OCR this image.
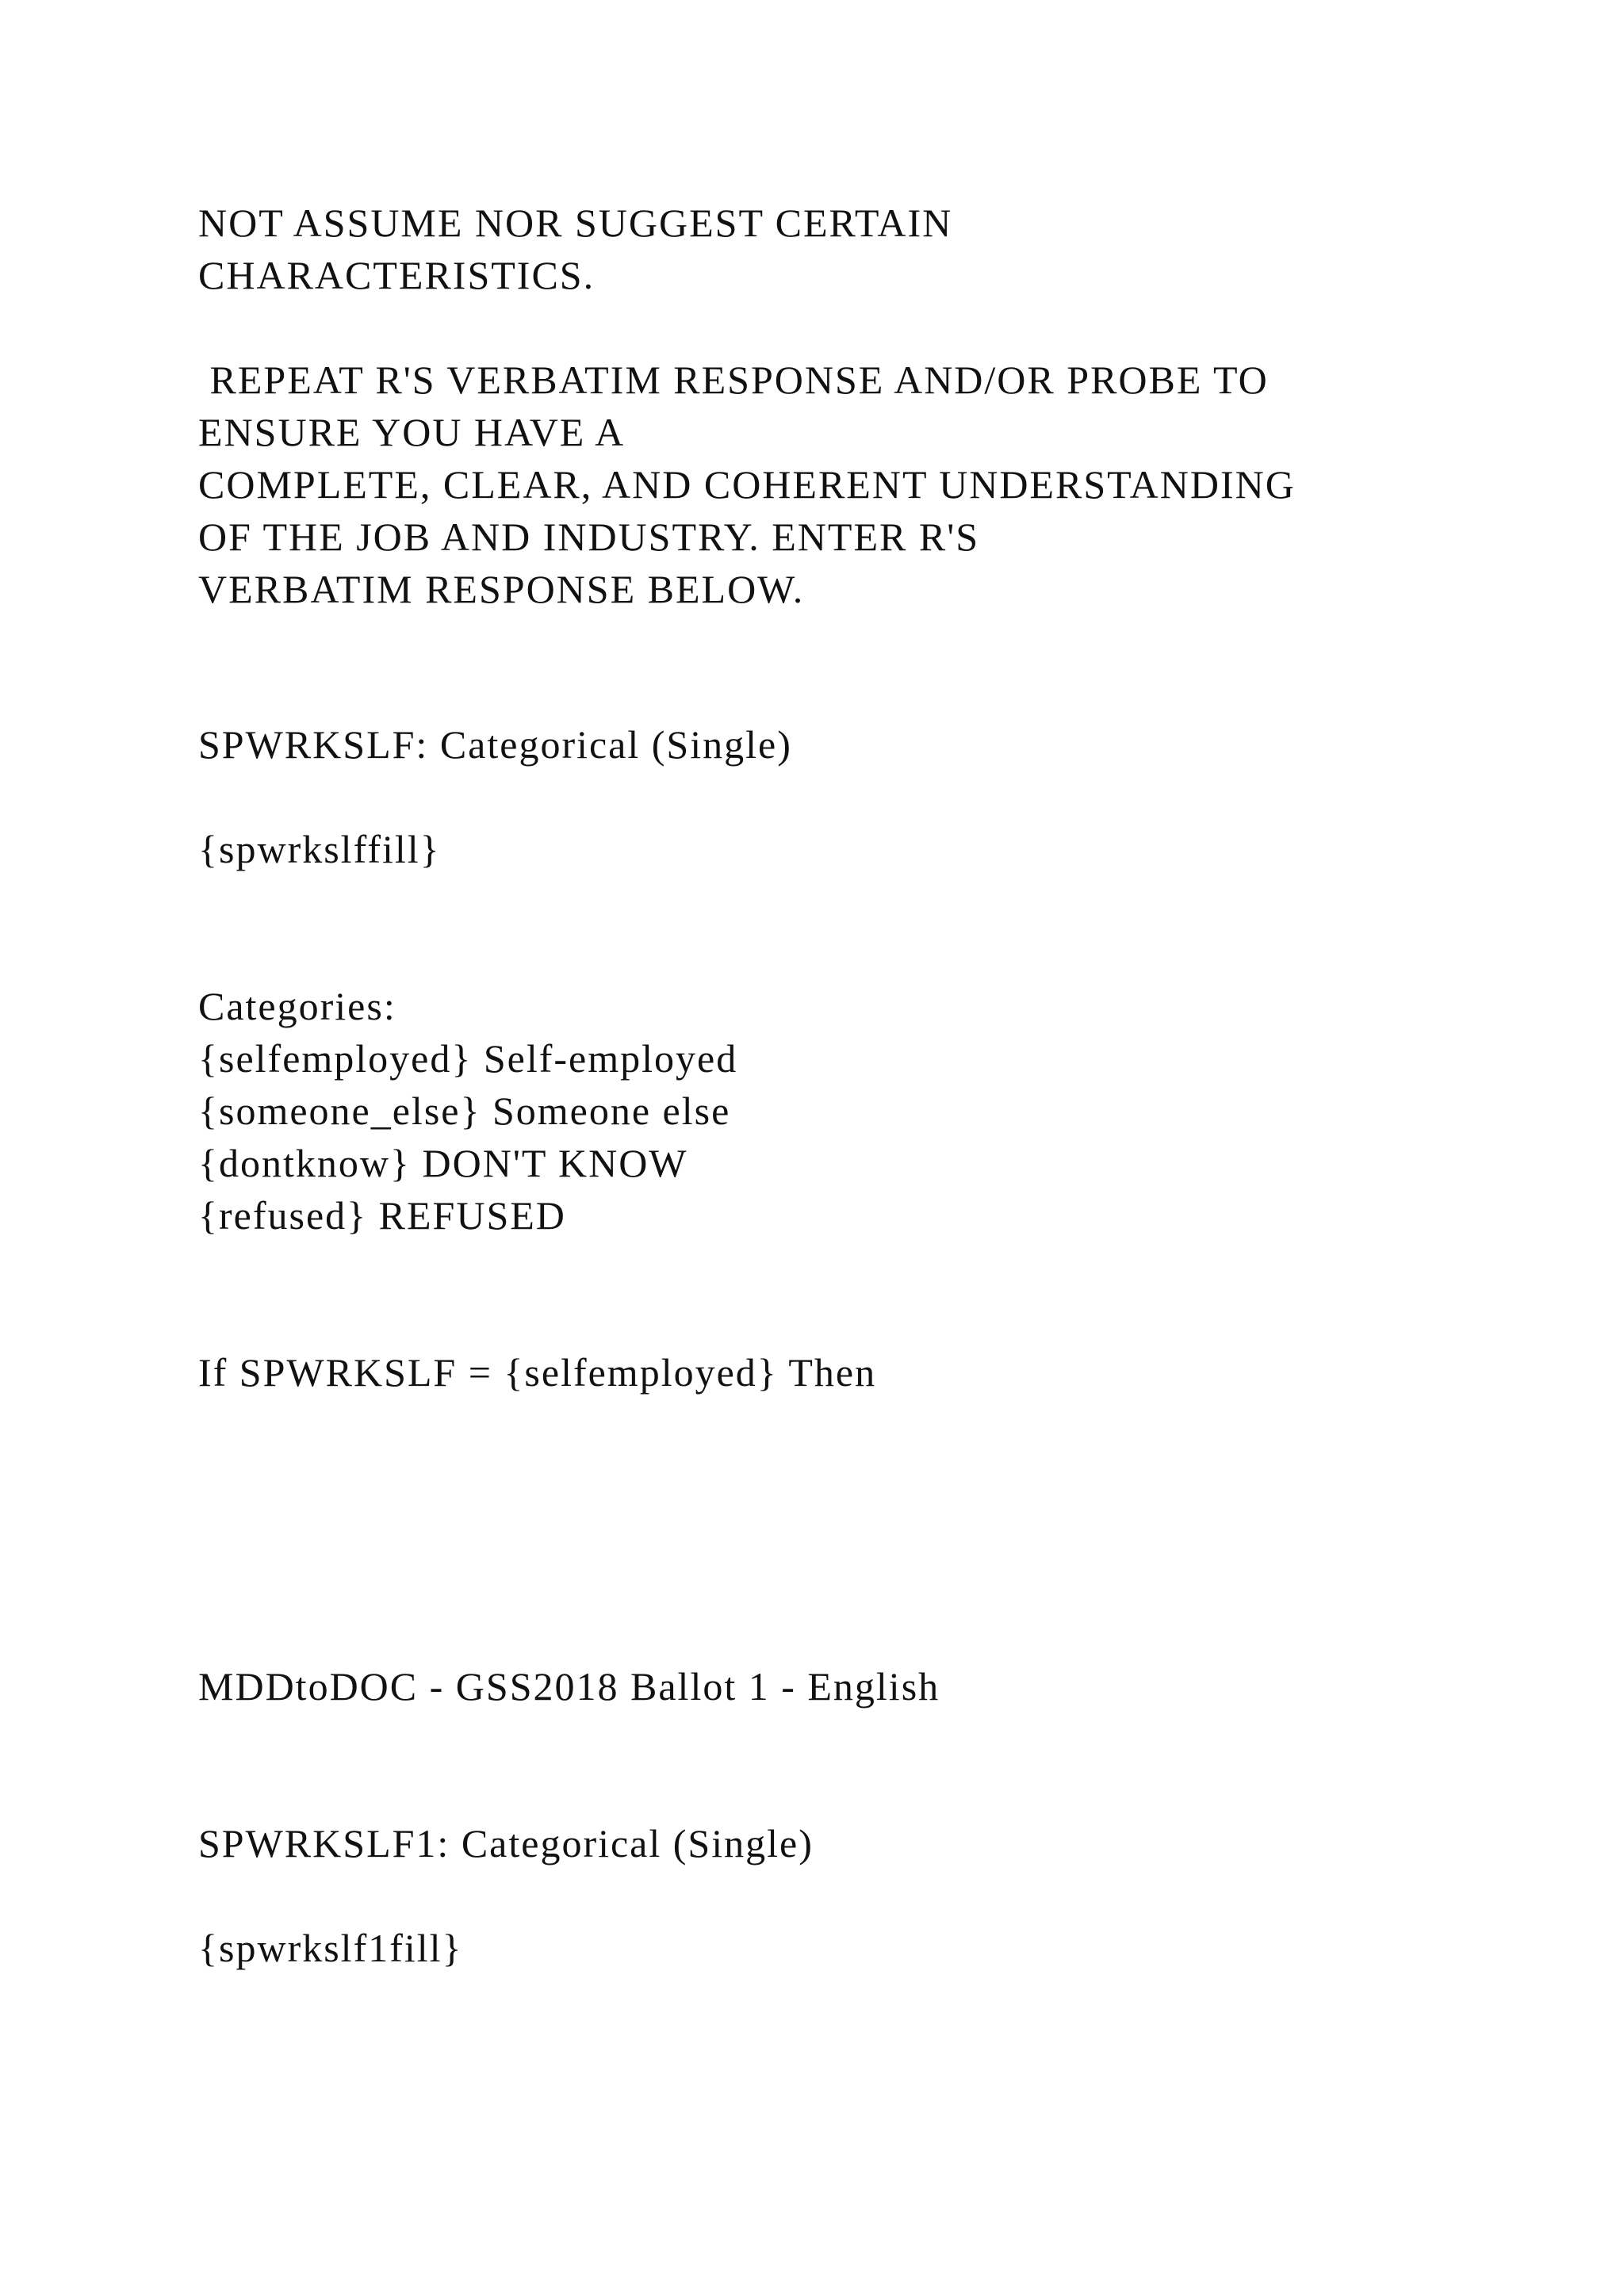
NOT ASSUME NOR SUGGEST CERTAIN

CHARACTERISTICS.

REPEAT R'S VERBATIM RESPONSE AND/OR PROBE TO

ENSURE YOU HAVE A

COMPLETE, CLEAR, AND COHERENT UNDERSTANDING

OF THE JOB AND INDUSTRY. ENTER R'S

VERBATIM RESPONSE BELOW.

SPWRKSLF: Categorical (Single)

{spwrkslffill}

Categories:

{selfemployed} Self-employed

{someone_else} Someone else

{dontknow} DON'T KNOW

{refused} REFUSED

If SPWRKSLF = {selfemployed} Then

MDDtoDOC - GSS2018 Ballot 1 - English

SPWRKSLF1: Categorical (Single)

{spwrkslf1fill}
